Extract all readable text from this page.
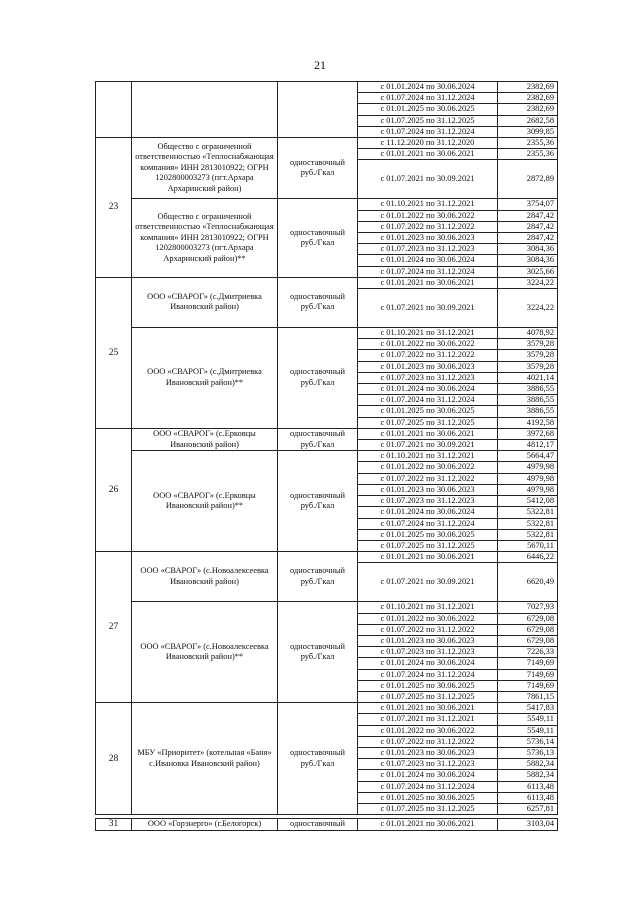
21
			с 01.01.2024 по 30.06.2024	2382,69
			с 01.07.2024 по 31.12.2024	2382,69
			с 01.01.2025 по 30.06.2025	2382,69
			с 01.07.2025 по 31.12.2025	2682,58
			с 01.07.2024 по 31.12.2024	3099,85
23	Общество с ограниченной ответственностью «Теплоснабжающая компания» ИНН 2813010922; ОГРН 1202800003273 (пгт.Архара Архаринский район)	одноставочный руб./Гкал	с 11.12.2020 по 31.12.2020	2355,36
			с 01.01.2021 по 30.06.2021	2355,36
			с 01.07.2021 по 30.09.2021	2872,89
	Общество с ограниченной ответственностью «Теплоснабжающая компания» ИНН 2813010922; ОГРН 1202800003273 (пгт.Архара Архаринский район)**	одноставочный руб./Гкал	с 01.10.2021 по 31.12.2021	3754,07
			с 01.01.2022 по 30.06.2022	2847,42
			с 01.07.2022 по 31.12.2022	2847,42
			с 01.01.2023 по 30.06.2023	2847,42
			с 01.07.2023 по 31.12.2023	3084,36
			с 01.01.2024 по 30.06.2024	3084,36
			с 01.07.2024 по 31.12.2024	3025,66
25	ООО «СВАРОГ» (с.Дмитриевка Ивановский район)	одноставочный руб./Гкал	с 01.01.2021 по 30.06.2021	3224,22
			с 01.07.2021 по 30.09.2021	3224,22
	ООО «СВАРОГ» (с.Дмитриевка Ивановский район)**	одноставочный руб./Гкал	с 01.10.2021 по 31.12.2021	4078,92
			с 01.01.2022 по 30.06.2022	3579,28
			с 01.07.2022 по 31.12.2022	3579,28
			с 01.01.2023 по 30.06.2023	3579,28
			с 01.07.2023 по 31.12.2023	4021,14
			с 01.01.2024 по 30.06.2024	3886,55
			с 01.07.2024 по 31.12.2024	3886,55
			с 01.01.2025 по 30.06.2025	3886,55
			с 01.07.2025 по 31.12.2025	4192,58
26	ООО «СВАРОГ» (с.Ерковцы Ивановский район)	одноставочный руб./Гкал	с 01.01.2021 по 30.06.2021	3972,68
			с 01.07.2021 по 30.09.2021	4812,17
	ООО «СВАРОГ» (с.Ерковцы Ивановский район)**	одноставочный руб./Гкал	с 01.10.2021 по 31.12.2021	5664,47
			с 01.01.2022 по 30.06.2022	4979,98
			с 01.07.2022 по 31.12.2022	4979,98
			с 01.01.2023 по 30.06.2023	4979,98
			с 01.07.2023 по 31.12.2023	5412,08
			с 01.01.2024 по 30.06.2024	5322,81
			с 01.07.2024 по 31.12.2024	5322,81
			с 01.01.2025 по 30.06.2025	5322,81
			с 01.07.2025 по 31.12.2025	5670,11
27	ООО «СВАРОГ» (с.Новоалексеевка Ивановский район)	одноставочный руб./Гкал	с 01.01.2021 по 30.06.2021	6446,22
			с 01.07.2021 по 30.09.2021	6620,49
	ООО «СВАРОГ» (с.Новоалексеевка Ивановский район)**	одноставочный руб./Гкал	с 01.10.2021 по 31.12.2021	7027,93
			с 01.01.2022 по 30.06.2022	6729,08
			с 01.07.2022 по 31.12.2022	6729,08
			с 01.01.2023 по 30.06.2023	6729,08
			с 01.07.2023 по 31.12.2023	7226,33
			с 01.01.2024 по 30.06.2024	7149,69
			с 01.07.2024 по 31.12.2024	7149,69
			с 01.01.2025 по 30.06.2025	7149,69
			с 01.07.2025 по 31.12.2025	7861,15
28	МБУ «Приоритет» (котельная «Баня» с.Ивановка Ивановский район)	одноставочный руб./Гкал	с 01.01.2021 по 30.06.2021	5417,83
			с 01.07.2021 по 31.12.2021	5549,11
			с 01.01.2022 по 30.06.2022	5549,11
			с 01.07.2022 по 31.12.2022	5736,14
			с 01.01.2023 по 30.06.2023	5736,13
			с 01.07.2023 по 31.12.2023	5882,34
			с 01.01.2024 по 30.06.2024	5882,34
			с 01.07.2024 по 31.12.2024	6113,48
			с 01.01.2025 по 30.06.2025	6113,48
			с 01.07.2025 по 31.12.2025	6257,81
31	ООО «Горэнерго» (г.Белогорск)	одноставочный	с 01.01.2021 по 30.06.2021	3103,04
